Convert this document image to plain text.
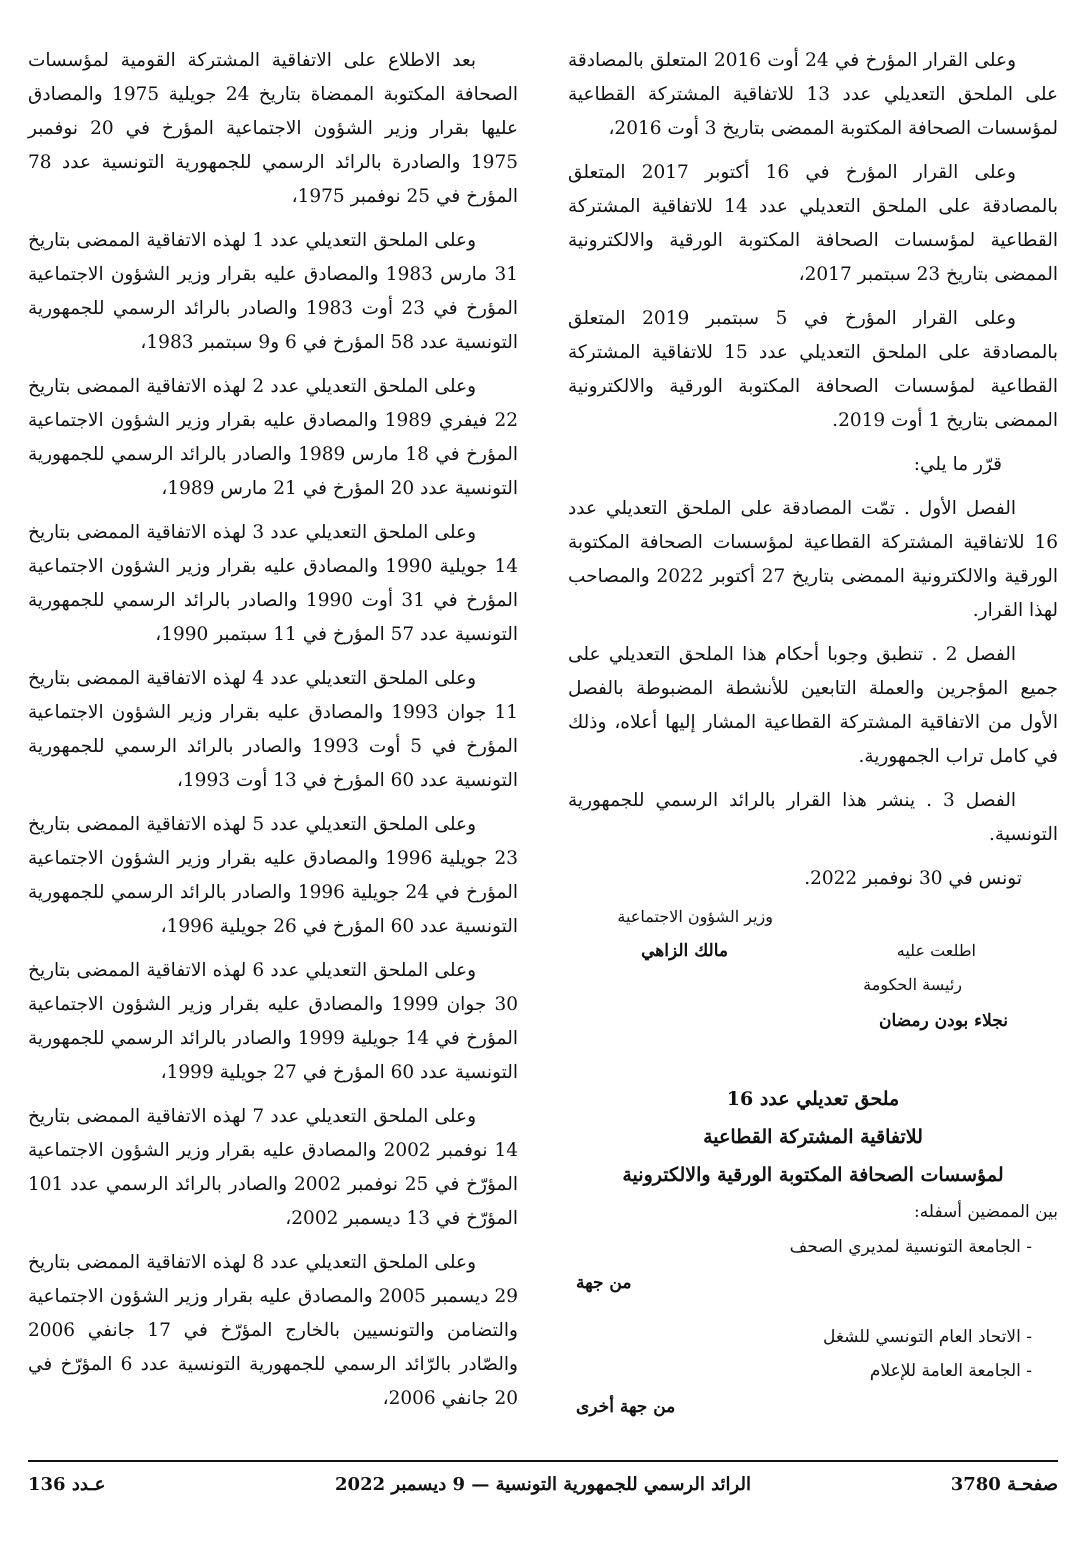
وعلى القرار المؤرخ في 24 أوت 2016 المتعلق بالمصادقة على الملحق التعديلي عدد 13 للاتفاقية المشتركة القطاعية لمؤسسات الصحافة المكتوبة الممضى بتاريخ 3 أوت 2016،

وعلى القرار المؤرخ في 16 أكتوبر 2017 المتعلق بالمصادقة على الملحق التعديلي عدد 14 للاتفاقية المشتركة القطاعية لمؤسسات الصحافة المكتوبة الورقية والالكترونية الممضى بتاريخ 23 سبتمبر 2017،

وعلى القرار المؤرخ في 5 سبتمبر 2019 المتعلق بالمصادقة على الملحق التعديلي عدد 15 للاتفاقية المشتركة القطاعية لمؤسسات الصحافة المكتوبة الورقية والالكترونية الممضى بتاريخ 1 أوت 2019.

قرّر ما يلي:

الفصل الأول . تمّت المصادقة على الملحق التعديلي عدد 16 للاتفاقية المشتركة القطاعية لمؤسسات الصحافة المكتوبة الورقية والالكترونية الممضى بتاريخ 27 أكتوبر 2022 والمصاحب لهذا القرار.

الفصل 2 . تنطبق وجوبا أحكام هذا الملحق التعديلي على جميع المؤجرين والعملة التابعين للأنشطة المضبوطة بالفصل الأول من الاتفاقية المشتركة القطاعية المشار إليها أعلاه، وذلك في كامل تراب الجمهورية.

الفصل 3 . ينشر هذا القرار بالرائد الرسمي للجمهورية التونسية.

تونس في 30 نوفمبر 2022.
وزير الشؤون الاجتماعية
مالك الزاهي	اطلعت عليه
رئيسة الحكومة
نجلاء بودن رمضان
ملحق تعديلي عدد 16
للاتفاقية المشتركة القطاعية
لمؤسسات الصحافة المكتوبة الورقية والالكترونية
بين الممضين أسفله:
- الجامعة التونسية لمديري الصحف
من جهة
- الاتحاد العام التونسي للشغل
- الجامعة العامة للإعلام
من جهة أخرى

بعد الاطلاع على الاتفاقية المشتركة القومية لمؤسسات الصحافة المكتوبة الممضاة بتاريخ 24 جويلية 1975 والمصادق عليها بقرار وزير الشؤون الاجتماعية المؤرخ في 20 نوفمبر 1975 والصادرة بالرائد الرسمي للجمهورية التونسية عدد 78 المؤرخ في 25 نوفمبر 1975،

وعلى الملحق التعديلي عدد 1 لهذه الاتفاقية الممضى بتاريخ 31 مارس 1983 والمصادق عليه بقرار وزير الشؤون الاجتماعية المؤرخ في 23 أوت 1983 والصادر بالرائد الرسمي للجمهورية التونسية عدد 58 المؤرخ في 6 و9 سبتمبر 1983،

وعلى الملحق التعديلي عدد 2 لهذه الاتفاقية الممضى بتاريخ 22 فيفري 1989 والمصادق عليه بقرار وزير الشؤون الاجتماعية المؤرخ في 18 مارس 1989 والصادر بالرائد الرسمي للجمهورية التونسية عدد 20 المؤرخ في 21 مارس 1989،

وعلى الملحق التعديلي عدد 3 لهذه الاتفاقية الممضى بتاريخ 14 جويلية 1990 والمصادق عليه بقرار وزير الشؤون الاجتماعية المؤرخ في 31 أوت 1990 والصادر بالرائد الرسمي للجمهورية التونسية عدد 57 المؤرخ في 11 سبتمبر 1990،

وعلى الملحق التعديلي عدد 4 لهذه الاتفاقية الممضى بتاريخ 11 جوان 1993 والمصادق عليه بقرار وزير الشؤون الاجتماعية المؤرخ في 5 أوت 1993 والصادر بالرائد الرسمي للجمهورية التونسية عدد 60 المؤرخ في 13 أوت 1993،

وعلى الملحق التعديلي عدد 5 لهذه الاتفاقية الممضى بتاريخ 23 جويلية 1996 والمصادق عليه بقرار وزير الشؤون الاجتماعية المؤرخ في 24 جويلية 1996 والصادر بالرائد الرسمي للجمهورية التونسية عدد 60 المؤرخ في 26 جويلية 1996،

وعلى الملحق التعديلي عدد 6 لهذه الاتفاقية الممضى بتاريخ 30 جوان 1999 والمصادق عليه بقرار وزير الشؤون الاجتماعية المؤرخ في 14 جويلية 1999 والصادر بالرائد الرسمي للجمهورية التونسية عدد 60 المؤرخ في 27 جويلية 1999،

وعلى الملحق التعديلي عدد 7 لهذه الاتفاقية الممضى بتاريخ 14 نوفمبر 2002 والمصادق عليه بقرار وزير الشؤون الاجتماعية المؤرّخ في 25 نوفمبر 2002 والصادر بالرائد الرسمي عدد 101 المؤرّخ في 13 ديسمبر 2002،

وعلى الملحق التعديلي عدد 8 لهذه الاتفاقية الممضى بتاريخ 29 ديسمبر 2005 والمصادق عليه بقرار وزير الشؤون الاجتماعية والتضامن والتونسيين بالخارج المؤرّخ في 17 جانفي 2006 والصّادر بالرّائد الرسمي للجمهورية التونسية عدد 6 المؤرّخ في 20 جانفي 2006،

صفحـة 3780
الرائد الرسمي للجمهورية التونسية — 9 ديسمبر 2022
عـدد 136
